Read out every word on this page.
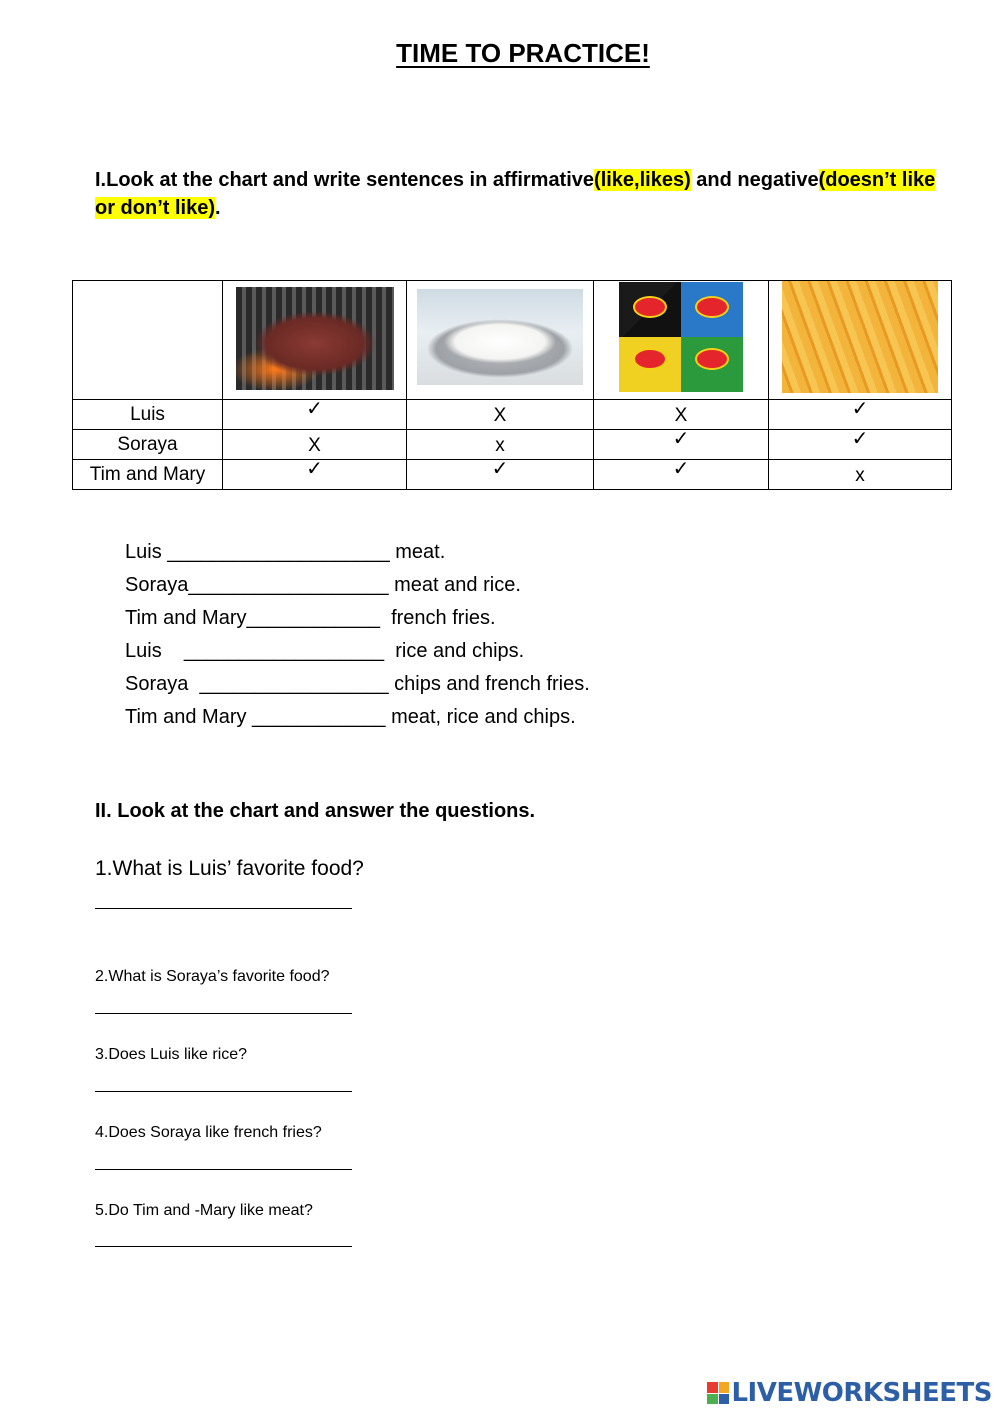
TIME TO PRACTICE!
I.Look at the chart and write sentences in affirmative(like,likes) and negative(doesn’t like or don’t like).

Luis	✓	X	X	✓
Soraya	X	x	✓	✓
Tim and Mary	✓	✓	✓	x
Luis ____________________ meat.
Soraya__________________ meat and rice.
Tim and Mary____________  french fries.
Luis    __________________  rice and chips.
Soraya  _________________ chips and french fries.
Tim and Mary ____________ meat, rice and chips.
II. Look at the chart and answer the questions.
1.What is Luis’ favorite food?
2.What is Soraya’s favorite food?
3.Does Luis like rice?
4.Does Soraya like french fries?
5.Do Tim and -Mary like meat?
LIVEWORKSHEETS
